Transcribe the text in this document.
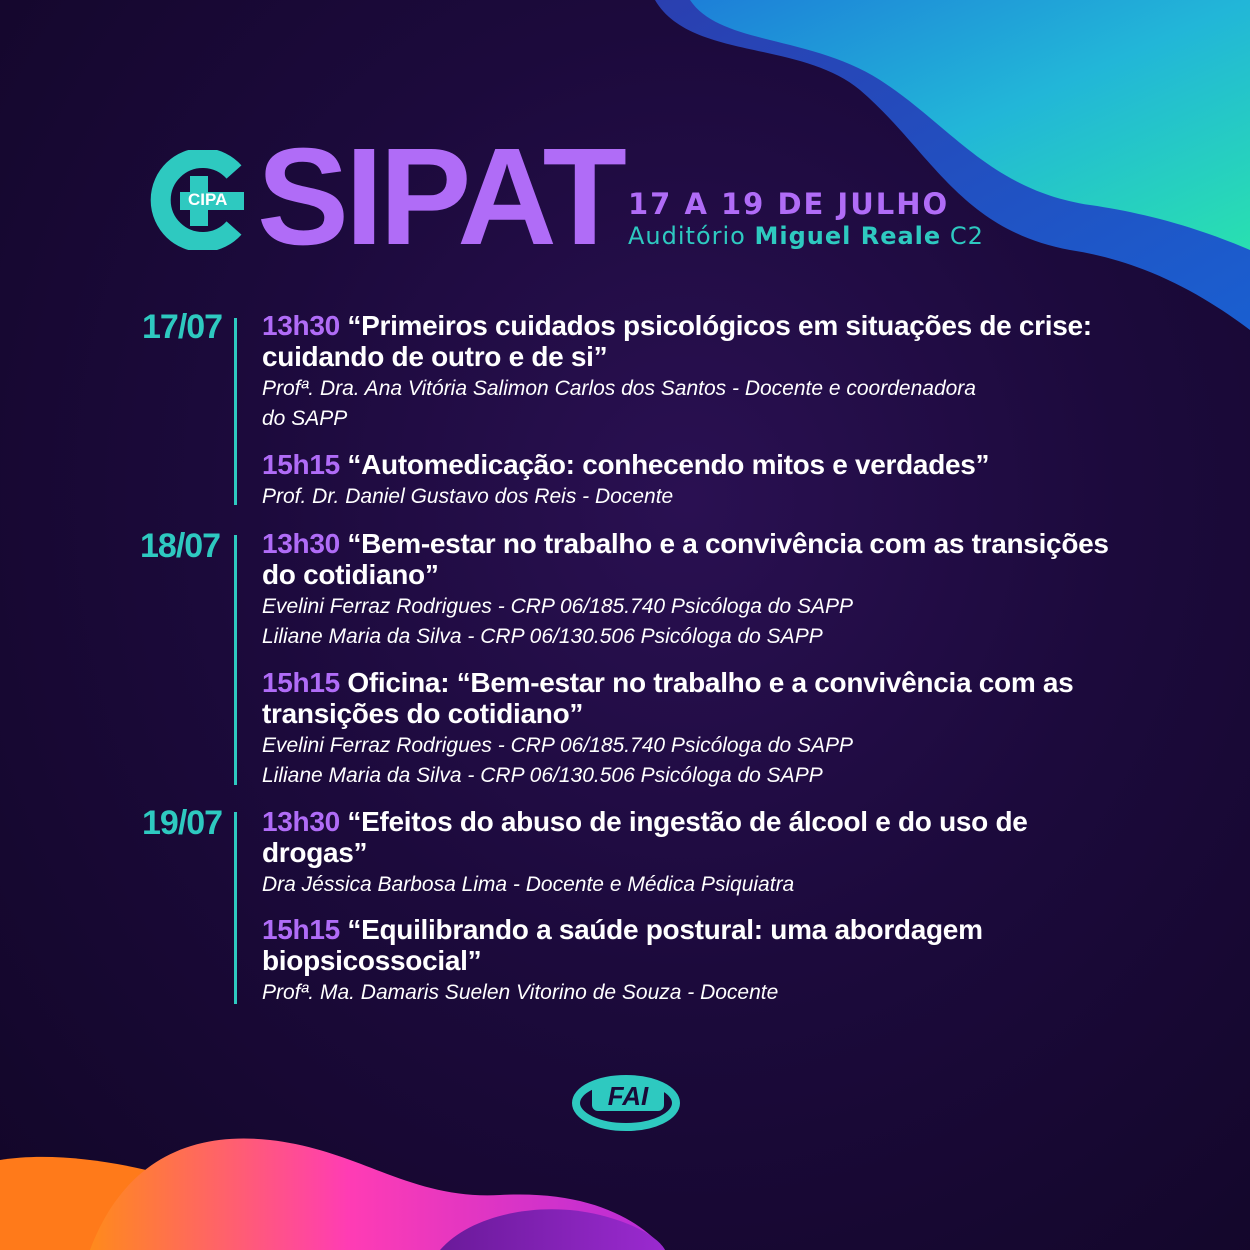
CIPA SIPAT 17 A 19 DE JULHO
Auditório Miguel Reale C2
17/07 13h30 “Primeiros cuidados psicológicos em situações de crise: cuidando de outro e de si”
Profª. Dra. Ana Vitória Salimon Carlos dos Santos - Docente e coordenadora do SAPP
15h15 “Automedicação: conhecendo mitos e verdades”
Prof. Dr. Daniel Gustavo dos Reis - Docente
18/07 13h30 “Bem-estar no trabalho e a convivência com as transições do cotidiano”
Evelini Ferraz Rodrigues - CRP 06/185.740 Psicóloga do SAPP
Liliane Maria da Silva - CRP 06/130.506 Psicóloga do SAPP
15h15 Oficina: “Bem-estar no trabalho e a convivência com as transições do cotidiano”
Evelini Ferraz Rodrigues - CRP 06/185.740 Psicóloga do SAPP
Liliane Maria da Silva - CRP 06/130.506 Psicóloga do SAPP
19/07 13h30 “Efeitos do abuso de ingestão de álcool e do uso de drogas”
Dra Jéssica Barbosa Lima - Docente e Médica Psiquiatra
15h15 “Equilibrando a saúde postural: uma abordagem biopsicossocial”
Profª. Ma. Damaris Suelen Vitorino de Souza - Docente
FAI
